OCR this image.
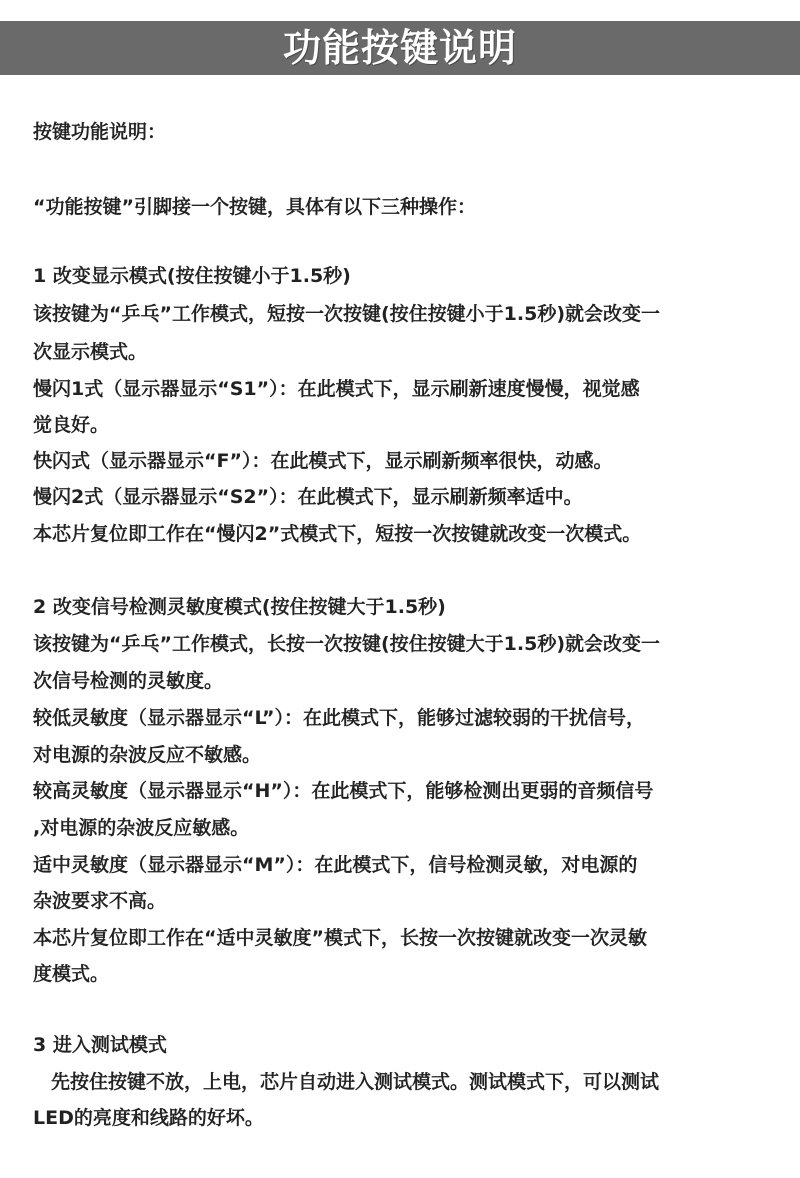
功能按键说明
按键功能说明：
“功能按键”引脚接一个按键，具体有以下三种操作：
1 改变显示模式(按住按键小于1.5秒)
该按键为“乒乓”工作模式，短按一次按键(按住按键小于1.5秒)就会改变一
次显示模式。
慢闪1式（显示器显示“S1”）：在此模式下，显示刷新速度慢慢，视觉感
觉良好。
快闪式（显示器显示“F”）：在此模式下，显示刷新频率很快，动感。
慢闪2式（显示器显示“S2”）：在此模式下，显示刷新频率适中。
本芯片复位即工作在“慢闪2”式模式下，短按一次按键就改变一次模式。
2 改变信号检测灵敏度模式(按住按键大于1.5秒)
该按键为“乒乓”工作模式，长按一次按键(按住按键大于1.5秒)就会改变一
次信号检测的灵敏度。
较低灵敏度（显示器显示“L”）：在此模式下，能够过滤较弱的干扰信号，
对电源的杂波反应不敏感。
较高灵敏度（显示器显示“H”）：在此模式下，能够检测出更弱的音频信号
,对电源的杂波反应敏感。
适中灵敏度（显示器显示“M”）：在此模式下，信号检测灵敏，对电源的
杂波要求不高。
本芯片复位即工作在“适中灵敏度”模式下，长按一次按键就改变一次灵敏
度模式。
3 进入测试模式
先按住按键不放，上电，芯片自动进入测试模式。测试模式下，可以测试
LED的亮度和线路的好坏。
